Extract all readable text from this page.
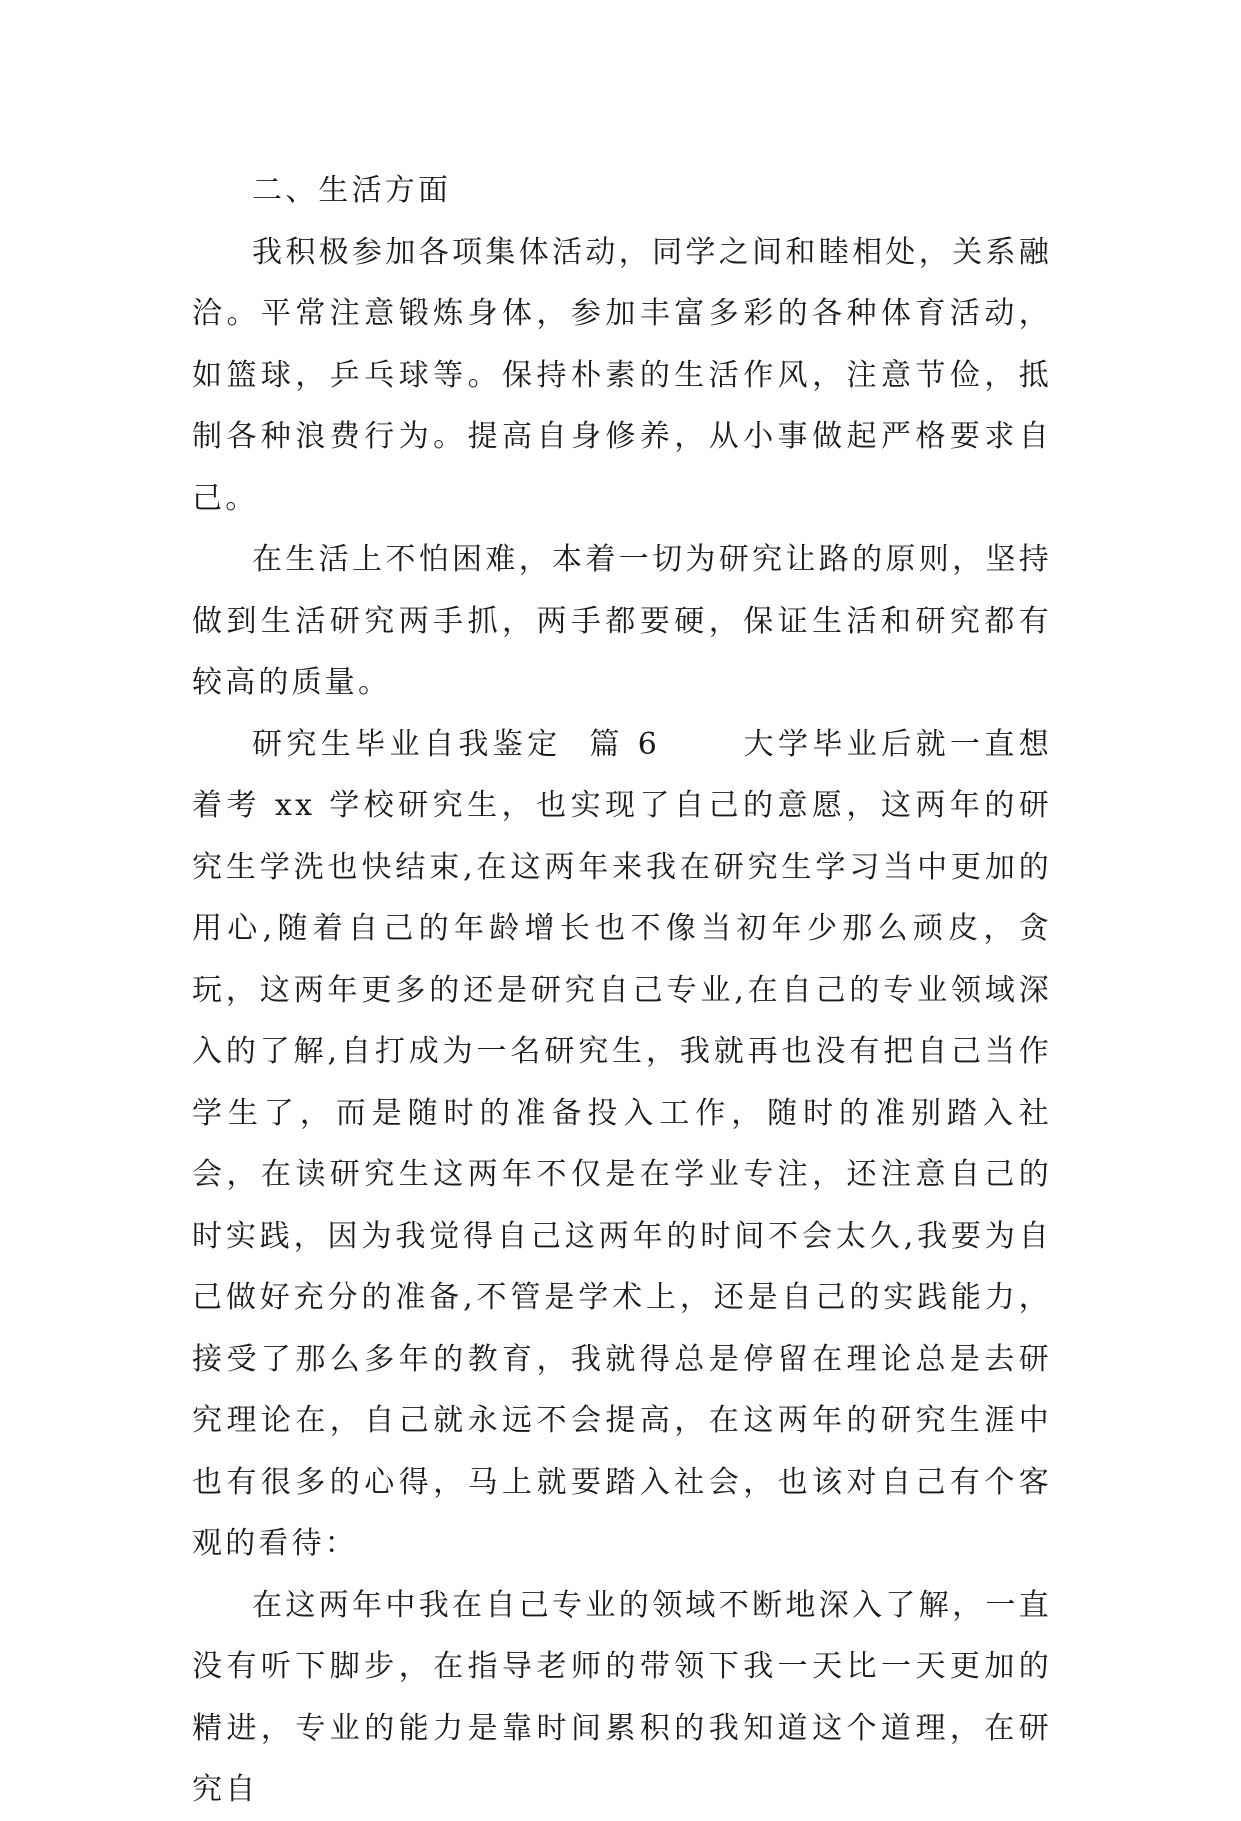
二、生活方面

我积极参加各项集体活动，同学之间和睦相处，关系融洽。平常注意锻炼身体，参加丰富多彩的各种体育活动，如篮球，乒乓球等。保持朴素的生活作风，注意节俭，抵制各种浪费行为。提高自身修养，从小事做起严格要求自己。

在生活上不怕困难，本着一切为研究让路的原则，坚持做到生活研究两手抓，两手都要硬，保证生活和研究都有较高的质量。

研究生毕业自我鉴定  篇 6      大学毕业后就一直想着考 xx 学校研究生，也实现了自己的意愿，这两年的研究生学洗也快结束,在这两年来我在研究生学习当中更加的用心,随着自己的年龄增长也不像当初年少那么顽皮，贪玩，这两年更多的还是研究自己专业,在自己的专业领域深入的了解,自打成为一名研究生，我就再也没有把自己当作学生了，而是随时的准备投入工作，随时的准别踏入社会，在读研究生这两年不仅是在学业专注，还注意自己的时实践，因为我觉得自己这两年的时间不会太久,我要为自己做好充分的准备,不管是学术上，还是自己的实践能力，接受了那么多年的教育，我就得总是停留在理论总是去研究理论在，自己就永远不会提高，在这两年的研究生涯中也有很多的心得，马上就要踏入社会，也该对自己有个客观的看待：

在这两年中我在自己专业的领域不断地深入了解，一直没有听下脚步，在指导老师的带领下我一天比一天更加的精进，专业的能力是靠时间累积的我知道这个道理，在研究自
